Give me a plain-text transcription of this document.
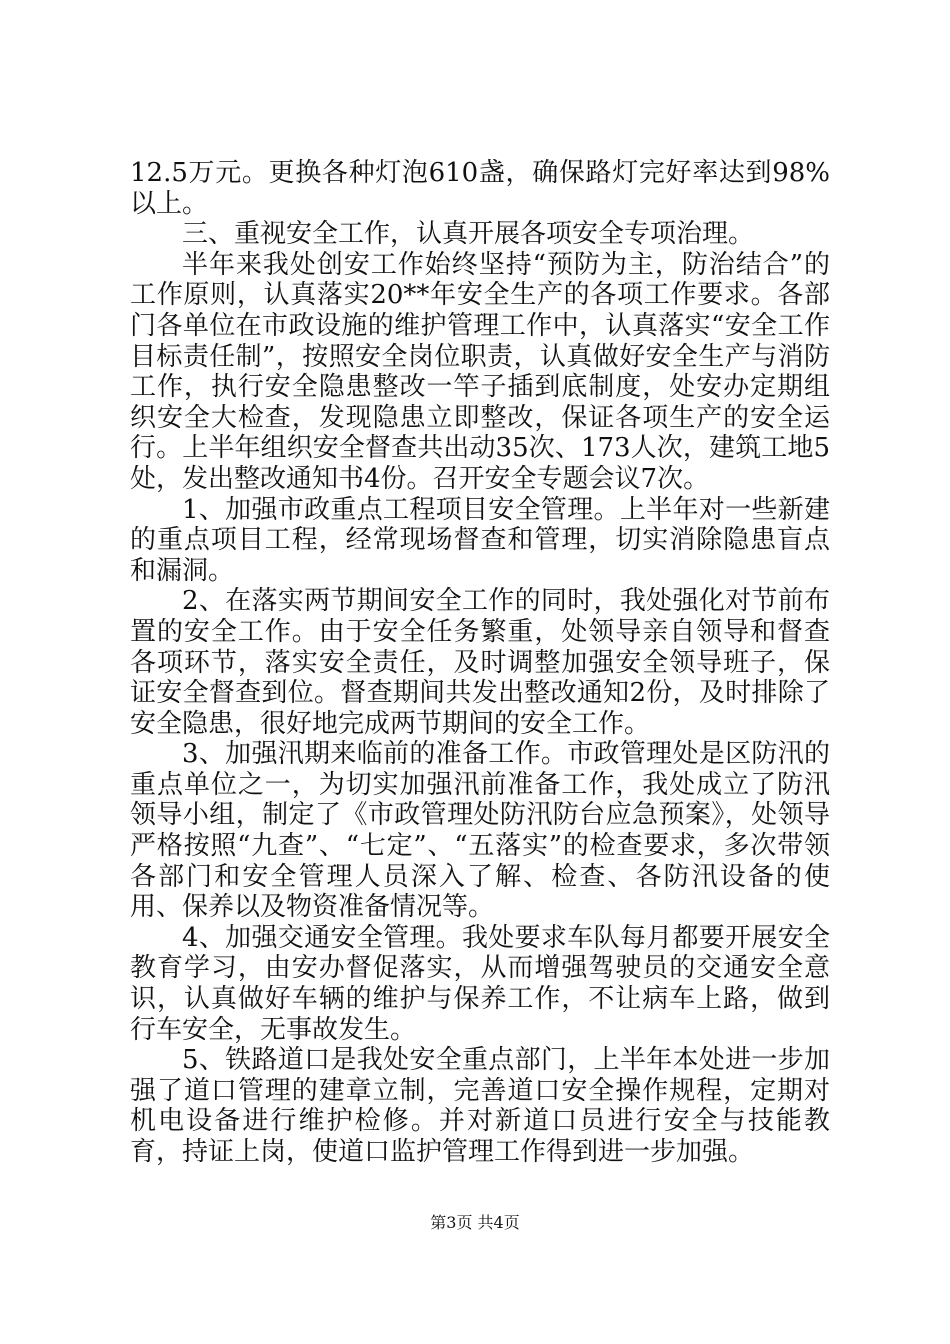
12.5万元。更换各种灯泡610盏，确保路灯完好率达到98%以上。

三、重视安全工作，认真开展各项安全专项治理。

半年来我处创安工作始终坚持“预防为主，防治结合”的工作原则，认真落实20**年安全生产的各项工作要求。各部门各单位在市政设施的维护管理工作中，认真落实“安全工作目标责任制”，按照安全岗位职责，认真做好安全生产与消防工作，执行安全隐患整改一竿子插到底制度，处安办定期组织安全大检查，发现隐患立即整改，保证各项生产的安全运行。上半年组织安全督查共出动35次、173人次，建筑工地5处，发出整改通知书4份。召开安全专题会议7次。

1、加强市政重点工程项目安全管理。上半年对一些新建的重点项目工程，经常现场督查和管理，切实消除隐患盲点和漏洞。

2、在落实两节期间安全工作的同时，我处强化对节前布置的安全工作。由于安全任务繁重，处领导亲自领导和督查各项环节，落实安全责任，及时调整加强安全领导班子，保证安全督查到位。督查期间共发出整改通知2份，及时排除了安全隐患，很好地完成两节期间的安全工作。

3、加强汛期来临前的准备工作。市政管理处是区防汛的重点单位之一，为切实加强汛前准备工作，我处成立了防汛领导小组，制定了《市政管理处防汛防台应急预案》，处领导严格按照“九查”、“七定”、“五落实”的检查要求，多次带领各部门和安全管理人员深入了解、检查、各防汛设备的使用、保养以及物资准备情况等。

4、加强交通安全管理。我处要求车队每月都要开展安全教育学习，由安办督促落实，从而增强驾驶员的交通安全意识，认真做好车辆的维护与保养工作，不让病车上路，做到行车安全，无事故发生。

5、铁路道口是我处安全重点部门，上半年本处进一步加强了道口管理的建章立制，完善道口安全操作规程，定期对机电设备进行维护检修。并对新道口员进行安全与技能教育，持证上岗，使道口监护管理工作得到进一步加强。

第3页 共4页
